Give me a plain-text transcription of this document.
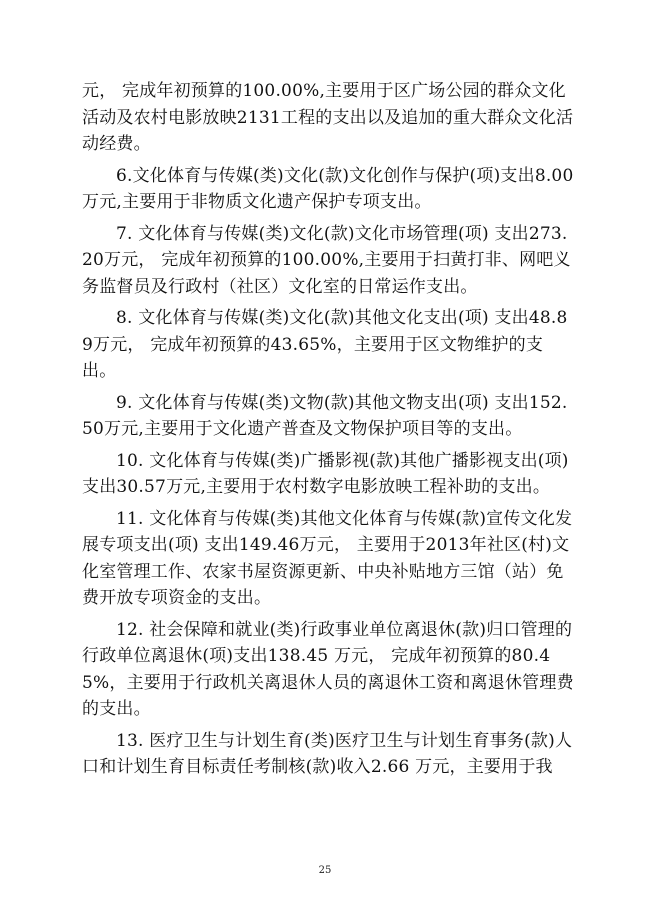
元， 完成年初预算的100.00%,主要用于区广场公园的群众文化活动及农村电影放映2131工程的支出以及追加的重大群众文化活动经费。

6.文化体育与传媒(类)文化(款)文化创作与保护(项)支出8.00万元,主要用于非物质文化遗产保护专项支出。

7. 文化体育与传媒(类)文化(款)文化市场管理(项) 支出273.20万元， 完成年初预算的100.00%,主要用于扫黄打非、网吧义务监督员及行政村（社区）文化室的日常运作支出。

8. 文化体育与传媒(类)文化(款)其他文化支出(项) 支出48.89万元， 完成年初预算的43.65%，主要用于区文物维护的支出。

9. 文化体育与传媒(类)文物(款)其他文物支出(项) 支出152.50万元,主要用于文化遗产普查及文物保护项目等的支出。

10. 文化体育与传媒(类)广播影视(款)其他广播影视支出(项) 支出30.57万元,主要用于农村数字电影放映工程补助的支出。

11. 文化体育与传媒(类)其他文化体育与传媒(款)宣传文化发展专项支出(项) 支出149.46万元， 主要用于2013年社区(村)文化室管理工作、农家书屋资源更新、中央补贴地方三馆（站）免费开放专项资金的支出。

12. 社会保障和就业(类)行政事业单位离退休(款)归口管理的行政单位离退休(项)支出138.45 万元， 完成年初预算的80.45%，主要用于行政机关离退休人员的离退休工资和离退休管理费的支出。

13. 医疗卫生与计划生育(类)医疗卫生与计划生育事务(款)人口和计划生育目标责任考制核(款)收入2.66 万元，主要用于我

25
